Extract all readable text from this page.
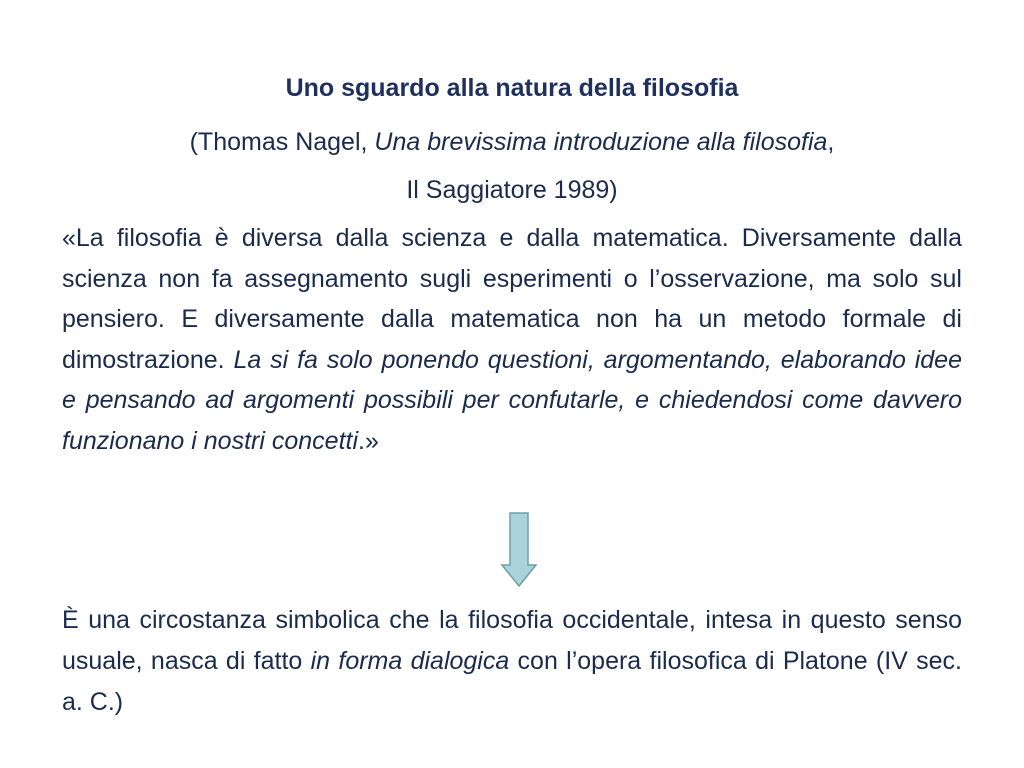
Uno sguardo alla natura della filosofia
(Thomas Nagel, Una brevissima introduzione alla filosofia,
Il Saggiatore 1989)
«La filosofia è diversa dalla scienza e dalla matematica. Diversamente dalla scienza non fa assegnamento sugli esperimenti o l’osservazione, ma solo sul pensiero. E diversamente dalla matematica non ha un metodo formale di dimostrazione. La si fa solo ponendo questioni, argomentando, elaborando idee e pensando ad argomenti possibili per confutarle, e chiedendosi come davvero funzionano i nostri concetti.»
È una circostanza simbolica che la filosofia occidentale, intesa in questo senso usuale, nasca di fatto in forma dialogica con l’opera filosofica di Platone (IV sec. a. C.)
